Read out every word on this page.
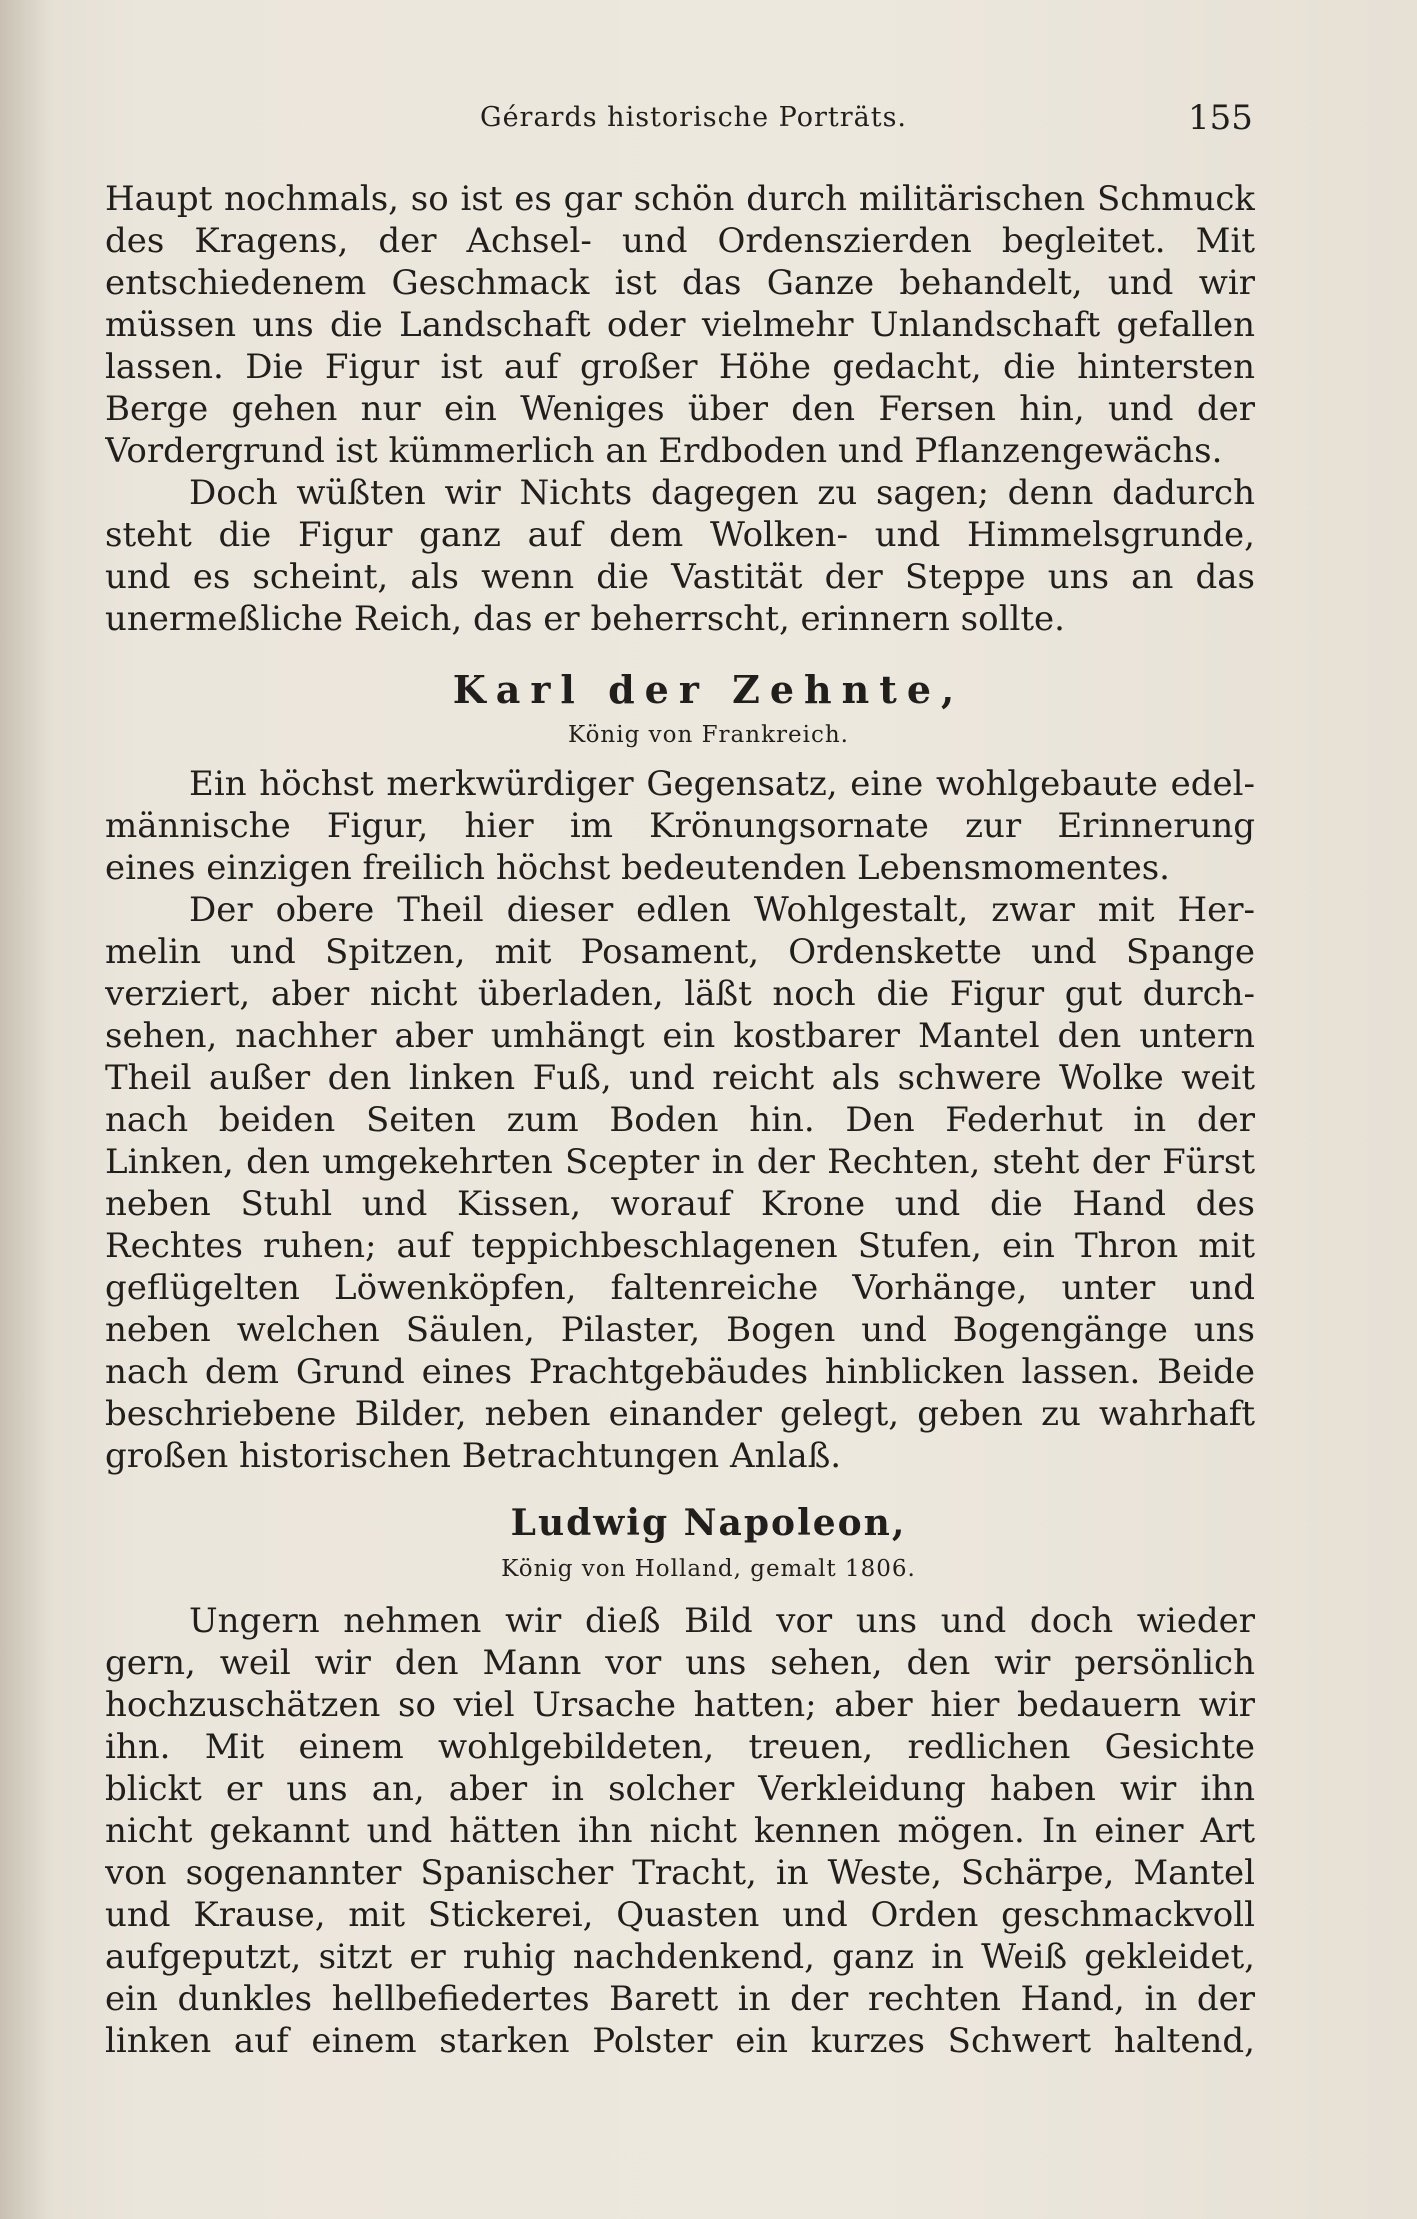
Gérards historische Porträts.	155
Haupt nochmals, so ist es gar schön durch militärischen Schmuck
des Kragens, der Achsel- und Ordenszierden begleitet. Mit
entschiedenem Geschmack ist das Ganze behandelt, und wir
müssen uns die Landschaft oder vielmehr Unlandschaft gefallen
lassen. Die Figur ist auf großer Höhe gedacht, die hintersten
Berge gehen nur ein Weniges über den Fersen hin, und der
Vordergrund ist kümmerlich an Erdboden und Pflanzengewächs.
Doch wüßten wir Nichts dagegen zu sagen; denn dadurch
steht die Figur ganz auf dem Wolken- und Himmelsgrunde,
und es scheint, als wenn die Vastität der Steppe uns an das
unermeßliche Reich, das er beherrscht, erinnern sollte.
Karl der Zehnte,
König von Frankreich.
Ein höchst merkwürdiger Gegensatz, eine wohlgebaute edel-
männische Figur, hier im Krönungsornate zur Erinnerung
eines einzigen freilich höchst bedeutenden Lebensmomentes.
Der obere Theil dieser edlen Wohlgestalt, zwar mit Her-
melin und Spitzen, mit Posament, Ordenskette und Spange
verziert, aber nicht überladen, läßt noch die Figur gut durch-
sehen, nachher aber umhängt ein kostbarer Mantel den untern
Theil außer den linken Fuß, und reicht als schwere Wolke weit
nach beiden Seiten zum Boden hin. Den Federhut in der
Linken, den umgekehrten Scepter in der Rechten, steht der Fürst
neben Stuhl und Kissen, worauf Krone und die Hand des
Rechtes ruhen; auf teppichbeschlagenen Stufen, ein Thron mit
geflügelten Löwenköpfen, faltenreiche Vorhänge, unter und
neben welchen Säulen, Pilaster, Bogen und Bogengänge uns
nach dem Grund eines Prachtgebäudes hinblicken lassen. Beide
beschriebene Bilder, neben einander gelegt, geben zu wahrhaft
großen historischen Betrachtungen Anlaß.
Ludwig Napoleon,
König von Holland, gemalt 1806.
Ungern nehmen wir dieß Bild vor uns und doch wieder
gern, weil wir den Mann vor uns sehen, den wir persönlich
hochzuschätzen so viel Ursache hatten; aber hier bedauern wir
ihn. Mit einem wohlgebildeten, treuen, redlichen Gesichte
blickt er uns an, aber in solcher Verkleidung haben wir ihn
nicht gekannt und hätten ihn nicht kennen mögen. In einer Art
von sogenannter Spanischer Tracht, in Weste, Schärpe, Mantel
und Krause, mit Stickerei, Quasten und Orden geschmackvoll
aufgeputzt, sitzt er ruhig nachdenkend, ganz in Weiß gekleidet,
ein dunkles hellbefiedertes Barett in der rechten Hand, in der
linken auf einem starken Polster ein kurzes Schwert haltend,
